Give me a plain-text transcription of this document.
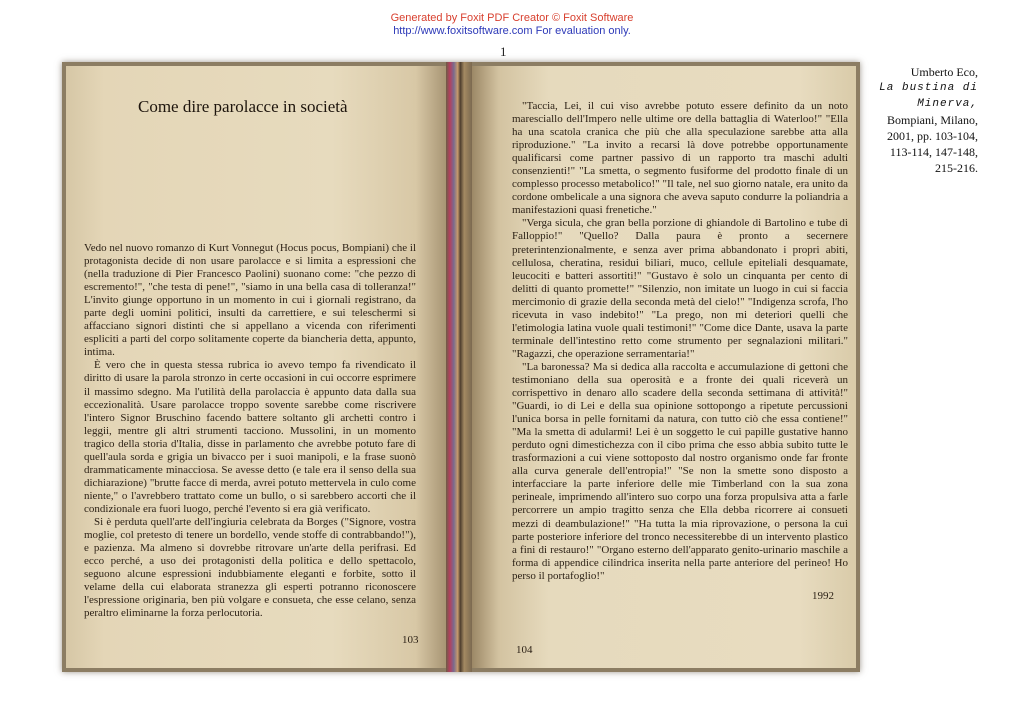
Generated by Foxit PDF Creator © Foxit Software
http://www.foxitsoftware.com For evaluation only.
1
Umberto Eco,
La bustina di
Minerva,
Bompiani, Milano,
2001, pp. 103-104,
113-114, 147-148,
215-216.
Come dire parolacce in società

Vedo nel nuovo romanzo di Kurt Vonnegut (Hocus pocus, Bompiani) che il protagonista decide di non usare parolacce e si limita a espressioni che (nella traduzione di Pier Francesco Paolini) suonano come: "che pezzo di escremento!", "che testa di pene!", "siamo in una bella casa di tolleranza!" L'invito giunge opportuno in un momento in cui i giornali registrano, da parte degli uomini politici, insulti da carrettiere, e sui teleschermi si affacciano signori distinti che si appellano a vicenda con riferimenti espliciti a parti del corpo solitamente coperte da biancheria detta, appunto, intima.

È vero che in questa stessa rubrica io avevo tempo fa rivendicato il diritto di usare la parola stronzo in certe occasioni in cui occorre esprimere il massimo sdegno. Ma l'utilità della parolaccia è appunto data dalla sua eccezionalità. Usare parolacce troppo sovente sarebbe come riscrivere l'intero Signor Bruschino facendo battere soltanto gli archetti contro i leggii, mentre gli altri strumenti tacciono. Mussolini, in un momento tragico della storia d'Italia, disse in parlamento che avrebbe potuto fare di quell'aula sorda e grigia un bivacco per i suoi manipoli, e la frase suonò drammaticamente minacciosa. Se avesse detto (e tale era il senso della sua dichiarazione) "brutte facce di merda, avrei potuto mettervela in culo come niente," o l'avrebbero trattato come un bullo, o si sarebbero accorti che il condizionale era fuori luogo, perché l'evento si era già verificato.

Si è perduta quell'arte dell'ingiuria celebrata da Borges ("Signore, vostra moglie, col pretesto di tenere un bordello, vende stoffe di contrabbando!"), e pazienza. Ma almeno si dovrebbe ritrovare un'arte della perifrasi. Ed ecco perché, a uso dei protagonisti della politica e dello spettacolo, seguono alcune espressioni indubbiamente eleganti e forbite, sotto il velame della cui elaborata stranezza gli esperti potranno riconoscere l'espressione originaria, ben più volgare e consueta, che esse celano, senza peraltro eliminarne la forza perlocutoria.

103

"Taccia, Lei, il cui viso avrebbe potuto essere definito da un noto maresciallo dell'Impero nelle ultime ore della battaglia di Waterloo!" "Ella ha una scatola cranica che più che alla speculazione sarebbe atta alla riproduzione." "La invito a recarsi là dove potrebbe opportunamente qualificarsi come partner passivo di un rapporto tra maschi adulti consenzienti!" "La smetta, o segmento fusiforme del prodotto finale di un complesso processo metabolico!" "Il tale, nel suo giorno natale, era unito da cordone ombelicale a una signora che aveva saputo condurre la poliandria a manifestazioni quasi frenetiche."

"Verga sicula, che gran bella porzione di ghiandole di Bartolino e tube di Falloppio!" "Quello? Dalla paura è pronto a secernere preterintenzionalmente, e senza aver prima abbandonato i propri abiti, cellulosa, cheratina, residui biliari, muco, cellule epiteliali desquamate, leucociti e batteri assortiti!" "Gustavo è solo un cinquanta per cento di delitti di quanto promette!" "Silenzio, non imitate un luogo in cui si faccia mercimonio di grazie della seconda metà del cielo!" "Indigenza scrofa, l'ho ricevuta in vaso indebito!" "La prego, non mi deteriori quelli che l'etimologia latina vuole quali testimoni!" "Come dice Dante, usava la parte terminale dell'intestino retto come strumento per segnalazioni militari." "Ragazzi, che operazione serramentaria!"

"La baronessa? Ma si dedica alla raccolta e accumulazione di gettoni che testimoniano della sua operosità e a fronte dei quali riceverà un corrispettivo in denaro allo scadere della seconda settimana di attività!" "Guardi, io di Lei e della sua opinione sottopongo a ripetute percussioni l'unica borsa in pelle fornitami da natura, con tutto ciò che essa contiene!" "Ma la smetta di adularmi! Lei è un soggetto le cui papille gustative hanno perduto ogni dimestichezza con il cibo prima che esso abbia subito tutte le trasformazioni a cui viene sottoposto dal nostro organismo onde far fronte alla curva generale dell'entropia!" "Se non la smette sono disposto a interfacciare la parte inferiore delle mie Timberland con la sua zona perineale, imprimendo all'intero suo corpo una forza propulsiva atta a farle percorrere un ampio tragitto senza che Ella debba ricorrere ai consueti mezzi di deambulazione!" "Ha tutta la mia riprovazione, o persona la cui parte posteriore inferiore del tronco necessiterebbe di un intervento plastico a fini di restauro!" "Organo esterno dell'apparato genito-urinario maschile a forma di appendice cilindrica inserita nella parte anteriore del perineo! Ho perso il portafoglio!"

1992
104
